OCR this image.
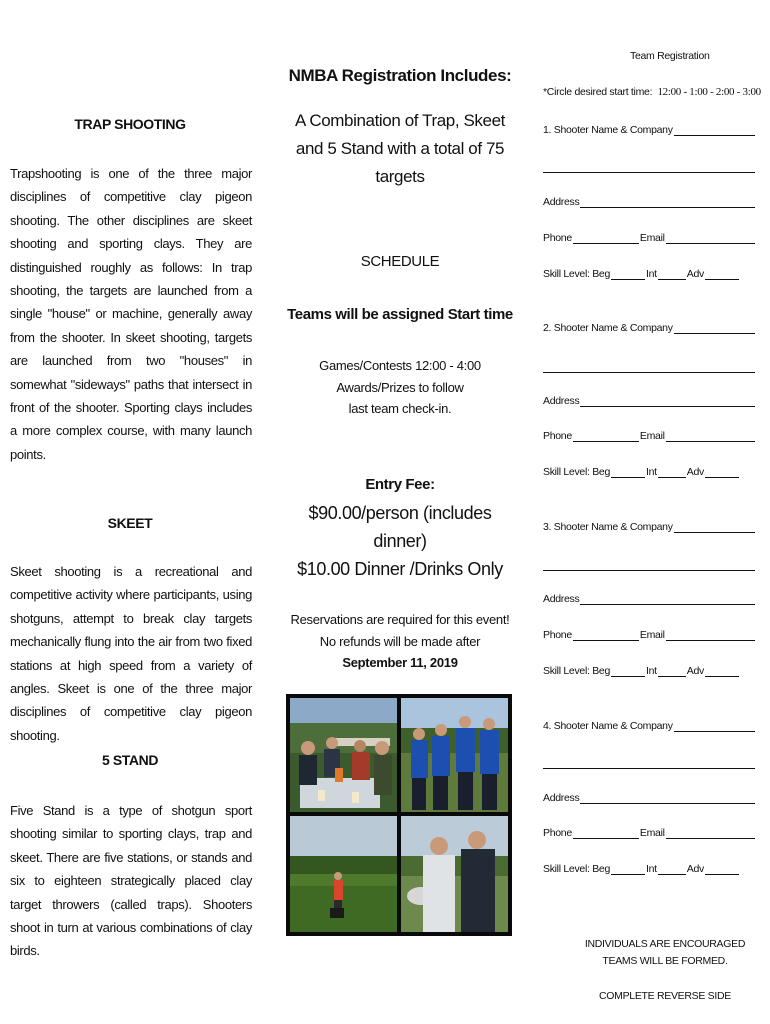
TRAP SHOOTING
Trapshooting is one of the three major disciplines of competitive clay pigeon shooting. The other disciplines are skeet shooting and sporting clays. They are distinguished roughly as follows: In trap shooting, the targets are launched from a single "house" or machine, generally away from the shooter. In skeet shooting, targets are launched from two "houses" in somewhat "sideways" paths that intersect in front of the shooter. Sporting clays includes a more complex course, with many launch points.
SKEET
Skeet shooting is a recreational and competitive activity where participants, using shotguns, attempt to break clay targets mechanically flung into the air from two fixed stations at high speed from a variety of angles. Skeet is one of the three major disciplines of competitive clay pigeon shooting.
5 STAND
Five Stand is a type of shotgun sport shooting similar to sporting clays, trap and skeet. There are five stations, or stands and six to eighteen strategically placed clay target throwers (called traps). Shooters shoot in turn at various combinations of clay birds.
NMBA Registration Includes:
A Combination of Trap, Skeet
and 5 Stand with a total of 75
targets
SCHEDULE
Teams will be assigned Start time
Games/Contests 12:00 - 4:00
Awards/Prizes to follow
last team check-in.
Entry Fee:
$90.00/person (includes dinner)
$10.00 Dinner /Drinks Only
Reservations are required for this event!
No refunds will be made after
September 11, 2019
Team Registration
*Circle desired start time: 12:00 - 1:00 - 2:00 - 3:00
1. Shooter Name & Company
Address
Phone	Email
Skill Level: Beg	Int	Adv
2. Shooter Name & Company
Address
Phone	Email
Skill Level: Beg	Int	Adv
3. Shooter Name & Company
Address
Phone	Email
Skill Level: Beg	Int	Adv
4. Shooter Name & Company
Address
Phone	Email
Skill Level: Beg	Int	Adv
INDIVIDUALS ARE ENCOURAGED
TEAMS WILL BE FORMED.
COMPLETE REVERSE SIDE
